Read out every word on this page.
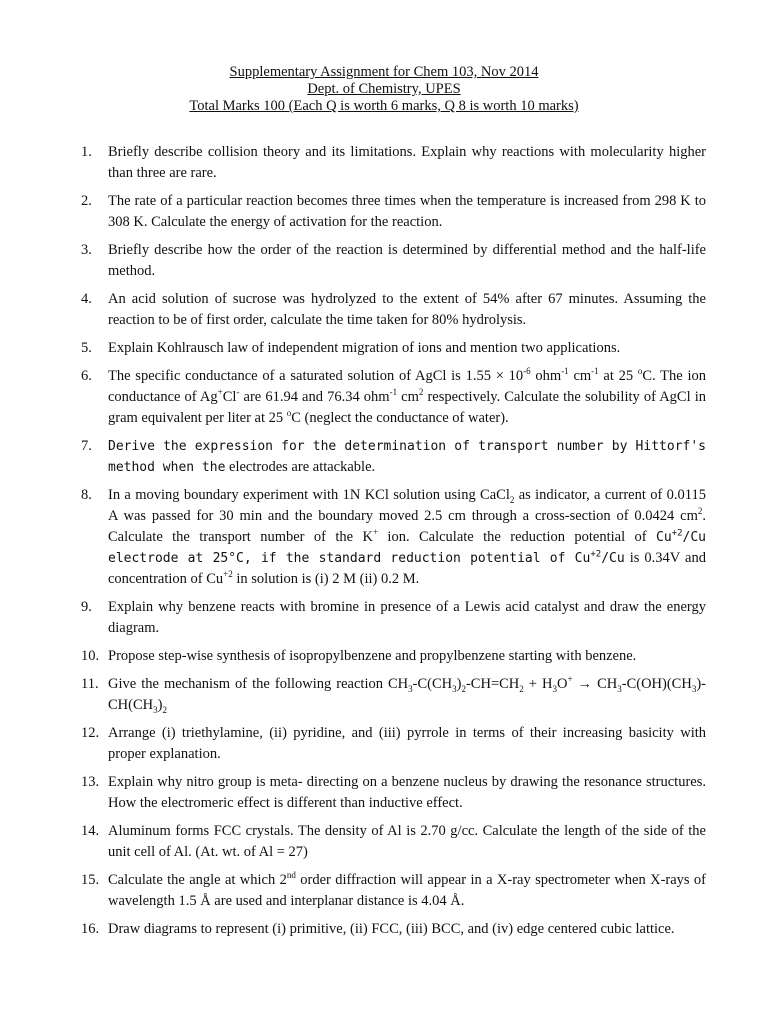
Supplementary Assignment for Chem 103, Nov 2014
Dept. of Chemistry, UPES
Total Marks 100 (Each Q is worth 6 marks, Q 8 is worth 10 marks)
1. Briefly describe collision theory and its limitations. Explain why reactions with molecularity higher than three are rare.
2. The rate of a particular reaction becomes three times when the temperature is increased from 298 K to 308 K. Calculate the energy of activation for the reaction.
3. Briefly describe how the order of the reaction is determined by differential method and the half-life method.
4. An acid solution of sucrose was hydrolyzed to the extent of 54% after 67 minutes. Assuming the reaction to be of first order, calculate the time taken for 80% hydrolysis.
5. Explain Kohlrausch law of independent migration of ions and mention two applications.
6. The specific conductance of a saturated solution of AgCl is $1.55 \times 10^{-6}$ ohm$^{-1}$ $cm^{-1}$ at 25 $^o$C. The ion conductance of Ag+Cl- are 61.94 and 76.34 ohm$^{-1}$ $cm^2$ respectively. Calculate the solubility of AgCl in gram equivalent per liter at 25 $^o$C (neglect the conductance of water).
7. Derive the expression for the determination of transport number by Hittorf's method when the electrodes are attackable.
8. In a moving boundary experiment with 1N KCl solution using CaCl$_2$ as indicator, a current of 0.0115 A was passed for 30 min and the boundary moved 2.5 cm through a cross-section of 0.0424 $cm^2$. Calculate the transport number of the K+ ion. Calculate the reduction potential of $Cu^{+2}/Cu$ electrode at 25°C, if the standard reduction potential of $Cu^{+2}/Cu$ is 0.34V and concentration of $Cu^{+2}$ in solution is (i) 2 M (ii) 0.2 M.
9. Explain why benzene reacts with bromine in presence of a Lewis acid catalyst and draw the energy diagram.
10. Propose step-wise synthesis of isopropylbenzene and propylbenzene starting with benzene.
11. Give the mechanism of the following reaction $CH_3-C(CH_3)_2-CH=CH_2 + H_3O^+ \to CH_3-C(OH)(CH_3)-CH(CH_3)_2$
12. Arrange (i) triethylamine, (ii) pyridine, and (iii) pyrrole in terms of their increasing basicity with proper explanation.
13. Explain why nitro group is meta- directing on a benzene nucleus by drawing the resonance structures. How the electromeric effect is different than inductive effect.
14. Aluminum forms FCC crystals. The density of Al is 2.70 g/cc. Calculate the length of the side of the unit cell of Al. (At. wt. of Al = 27)
15. Calculate the angle at which 2nd order diffraction will appear in a X-ray spectrometer when X-rays of wavelength 1.5 Å are used and interplanar distance is 4.04 Å.
16. Draw diagrams to represent (i) primitive, (ii) FCC, (iii) BCC, and (iv) edge centered cubic lattice.
